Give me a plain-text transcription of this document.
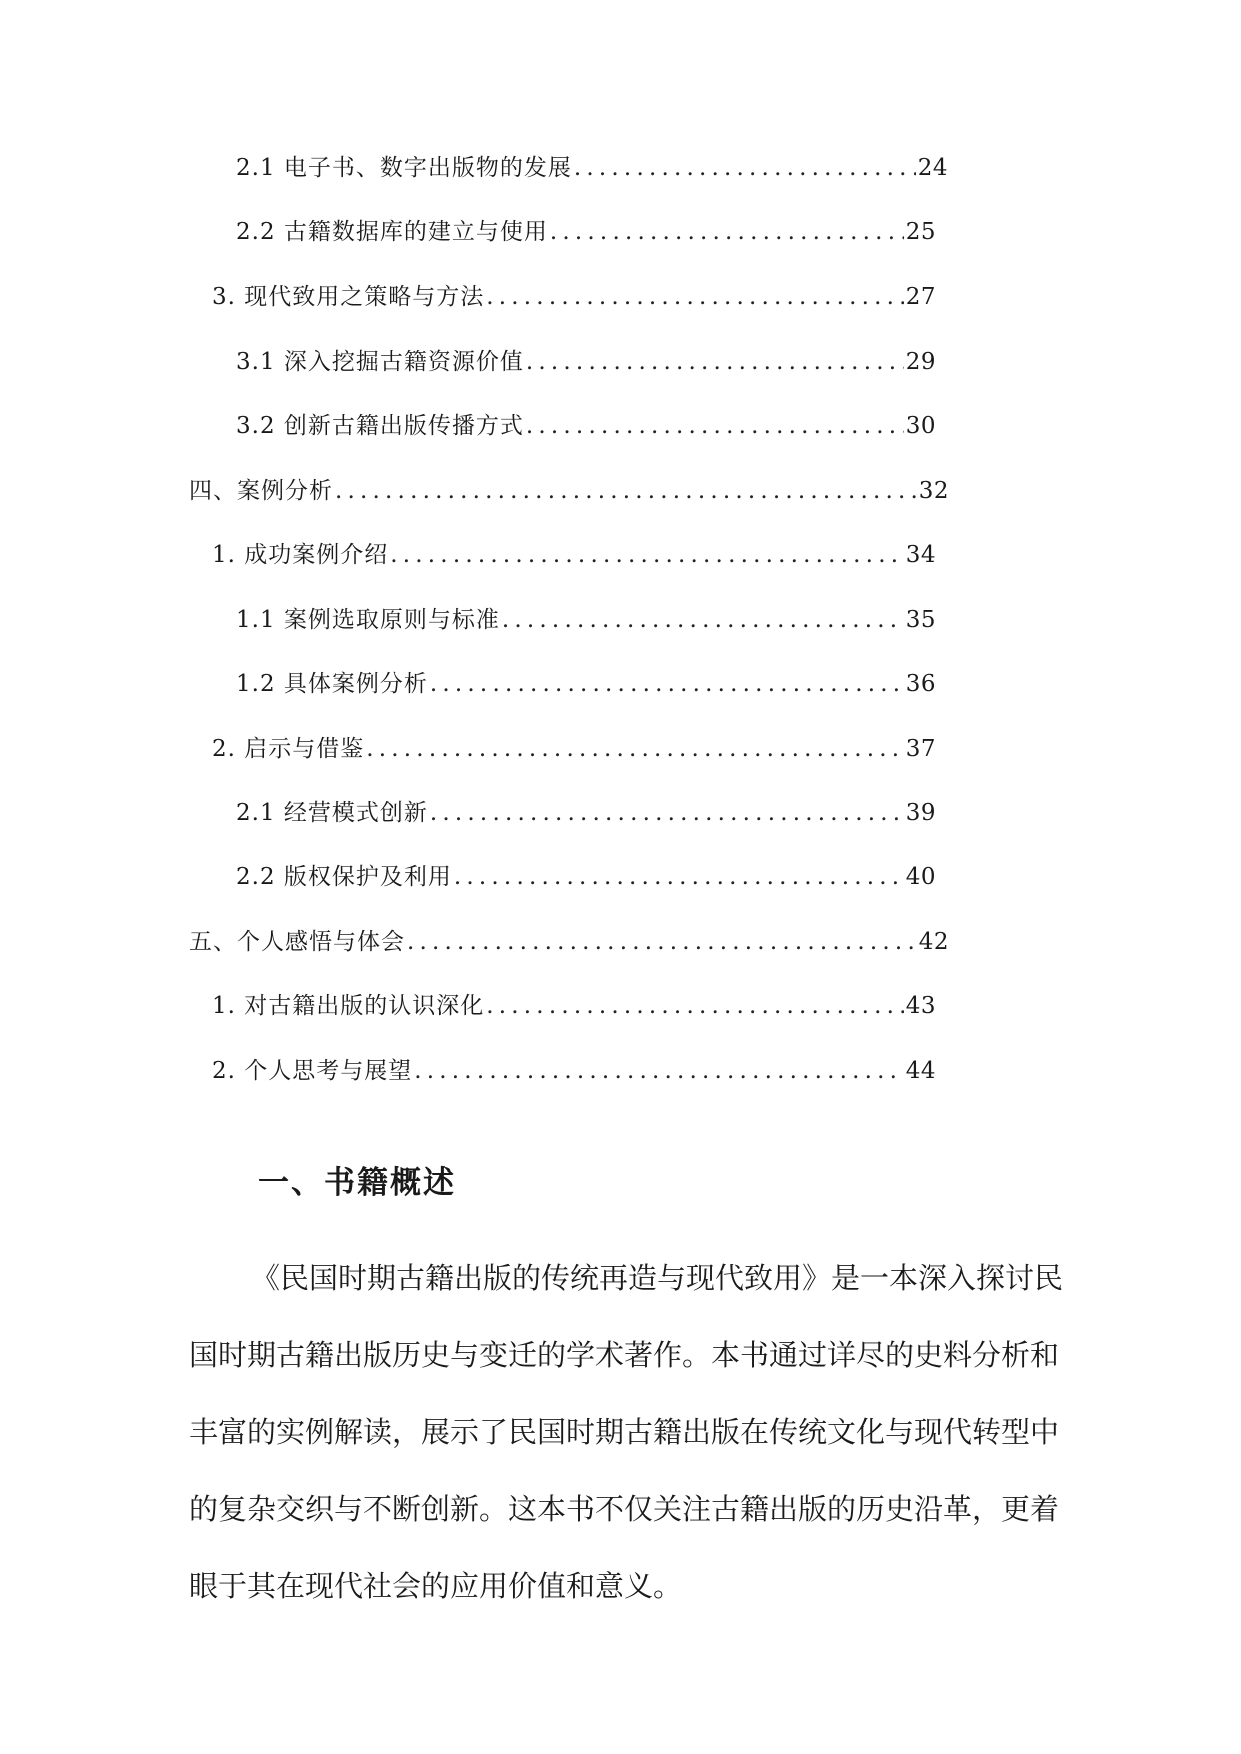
2.1 电子书、数字出版物的发展 .....	24
2.2 古籍数据库的建立与使用 .....	25
3. 现代致用之策略与方法 .....	27
3.1 深入挖掘古籍资源价值 .....	29
3.2 创新古籍出版传播方式 .....	30
四、案例分析 .....	32
1. 成功案例介绍 .....	34
1.1 案例选取原则与标准 .....	35
1.2 具体案例分析 .....	36
2. 启示与借鉴 .....	37
2.1 经营模式创新 .....	39
2.2 版权保护及利用 .....	40
五、个人感悟与体会 .....	42
1. 对古籍出版的认识深化 .....	43
2. 个人思考与展望 .....	44
一、书籍概述
《民国时期古籍出版的传统再造与现代致用》是一本深入探讨民
国时期古籍出版历史与变迁的学术著作。本书通过详尽的史料分析和
丰富的实例解读，展示了民国时期古籍出版在传统文化与现代转型中
的复杂交织与不断创新。这本书不仅关注古籍出版的历史沿革，更着
眼于其在现代社会的应用价值和意义。
